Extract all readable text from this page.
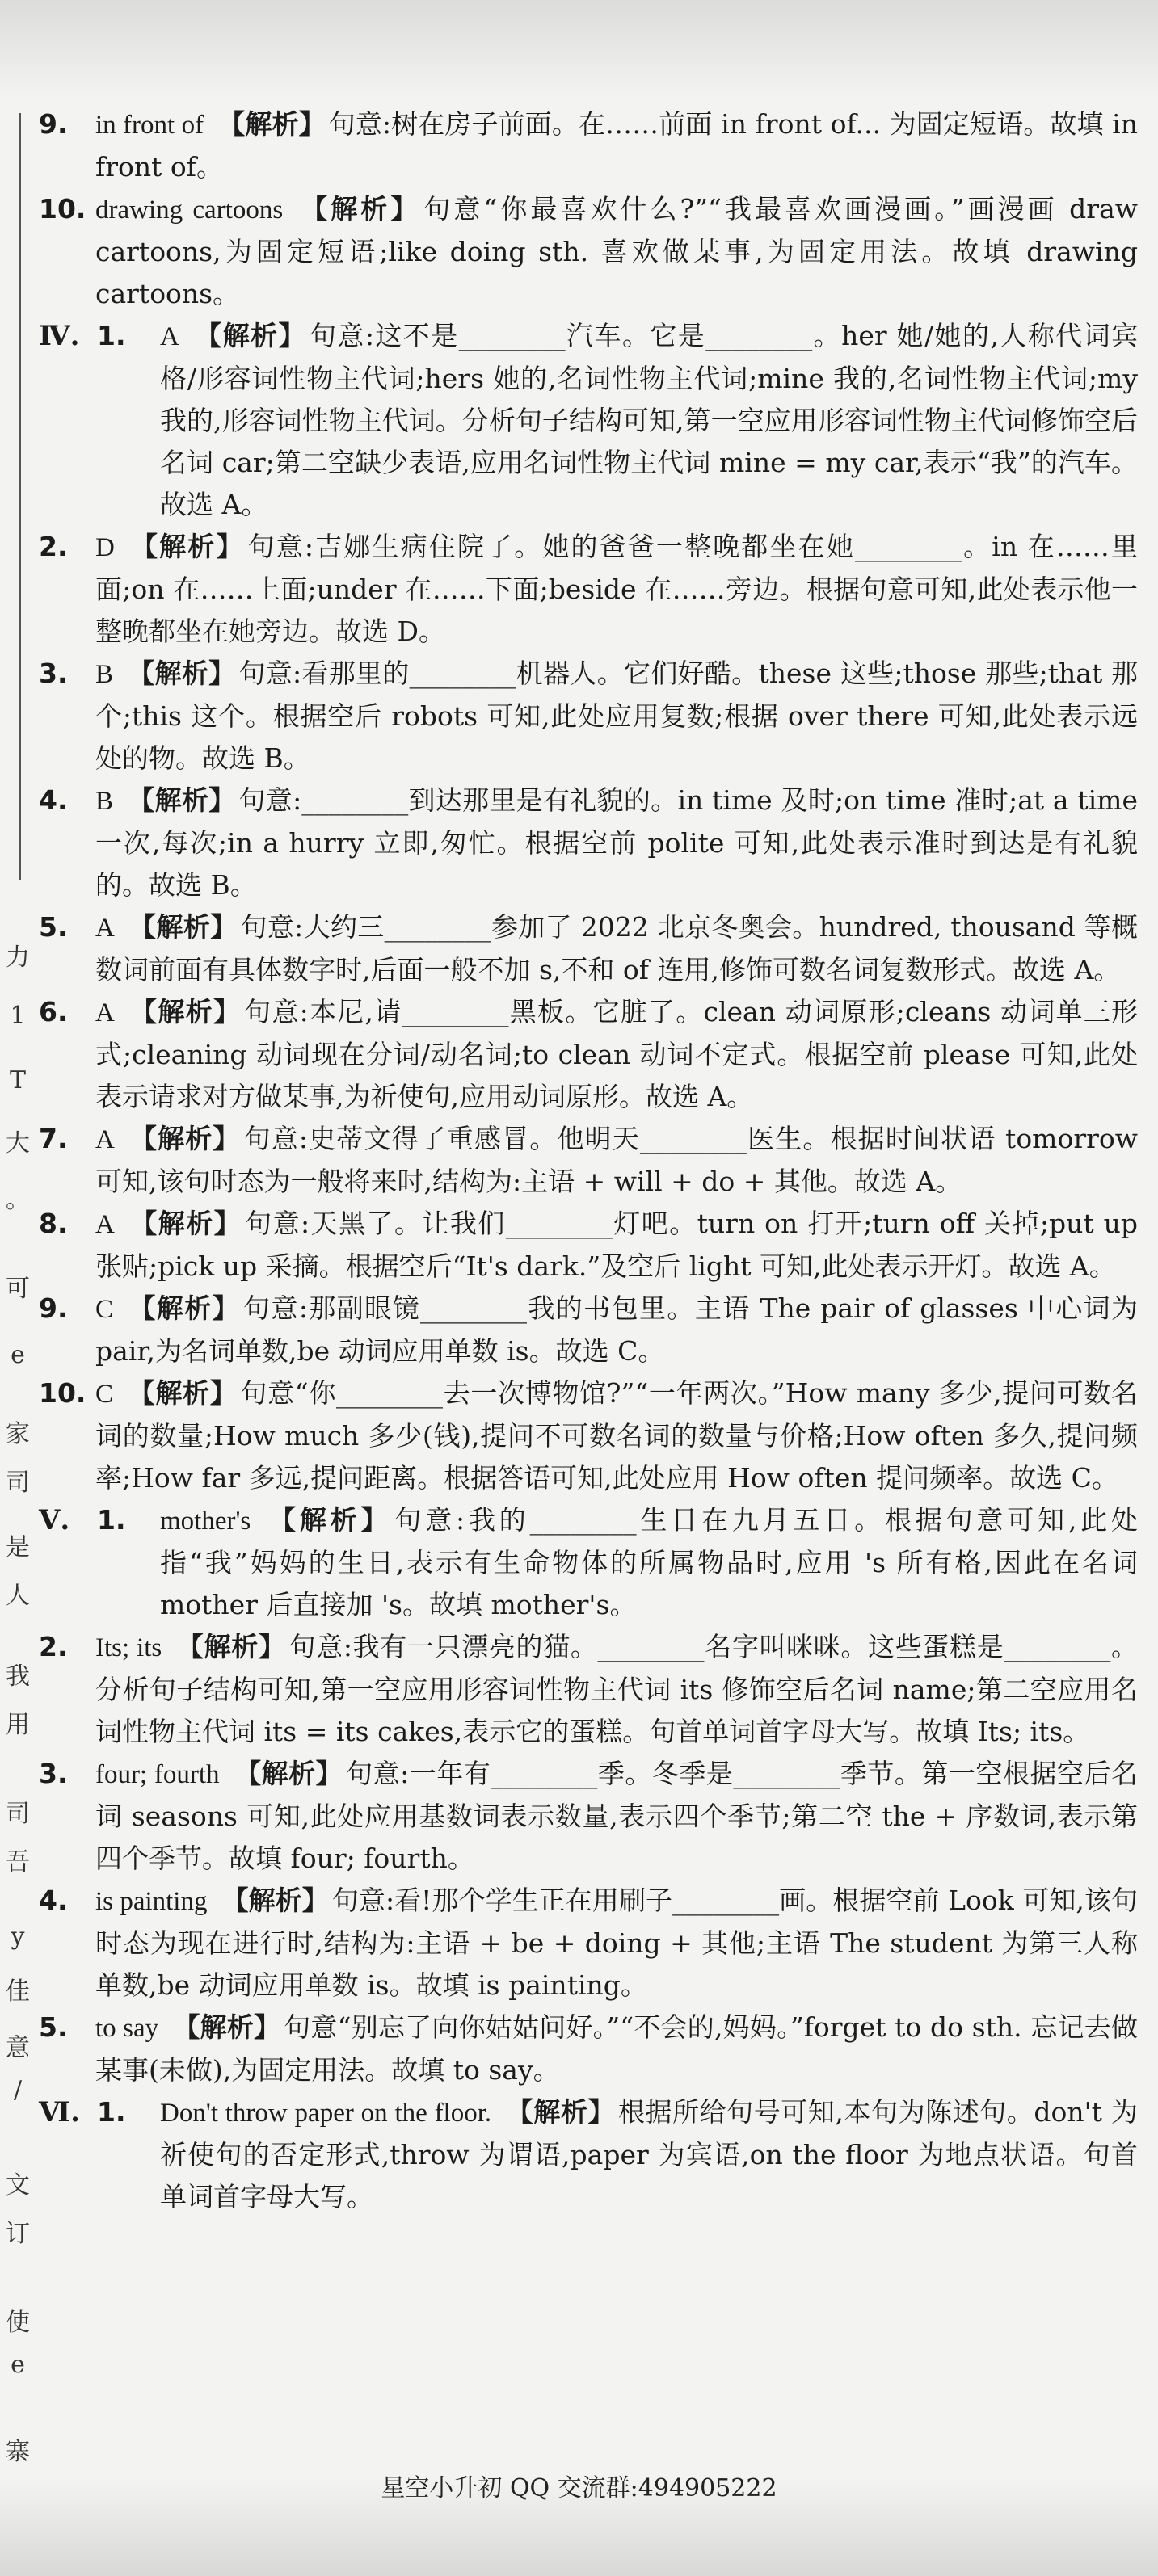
力
1
T
大
。
可
e
家
司
是
人
我
用
司
吾
y
佳
意
/
文
订
使
e
寨
9. in front of 【解析】 句意:树在房子前面。在……前面 in front of... 为固定短语。故填 in front of。
10. drawing cartoons 【解析】 句意“你最喜欢什么?”“我最喜欢画漫画。”画漫画 draw cartoons,为固定短语;like doing sth. 喜欢做某事,为固定用法。故填 drawing cartoons。
Ⅳ. 1. A 【解析】 句意:这不是________汽车。它是________。her 她/她的,人称代词宾格/形容词性物主代词;hers 她的,名词性物主代词;mine 我的,名词性物主代词;my 我的,形容词性物主代词。分析句子结构可知,第一空应用形容词性物主代词修饰空后名词 car;第二空缺少表语,应用名词性物主代词 mine = my car,表示“我”的汽车。故选 A。
2. D 【解析】 句意:吉娜生病住院了。她的爸爸一整晚都坐在她________。in 在……里面;on 在……上面;under 在……下面;beside 在……旁边。根据句意可知,此处表示他一整晚都坐在她旁边。故选 D。
3. B 【解析】 句意:看那里的________机器人。它们好酷。these 这些;those 那些;that 那个;this 这个。根据空后 robots 可知,此处应用复数;根据 over there 可知,此处表示远处的物。故选 B。
4. B 【解析】 句意:________到达那里是有礼貌的。in time 及时;on time 准时;at a time 一次,每次;in a hurry 立即,匆忙。根据空前 polite 可知,此处表示准时到达是有礼貌的。故选 B。
5. A 【解析】 句意:大约三________参加了 2022 北京冬奥会。hundred, thousand 等概数词前面有具体数字时,后面一般不加 s,不和 of 连用,修饰可数名词复数形式。故选 A。
6. A 【解析】 句意:本尼,请________黑板。它脏了。clean 动词原形;cleans 动词单三形式;cleaning 动词现在分词/动名词;to clean 动词不定式。根据空前 please 可知,此处表示请求对方做某事,为祈使句,应用动词原形。故选 A。
7. A 【解析】 句意:史蒂文得了重感冒。他明天________医生。根据时间状语 tomorrow 可知,该句时态为一般将来时,结构为:主语 + will + do + 其他。故选 A。
8. A 【解析】 句意:天黑了。让我们________灯吧。turn on 打开;turn off 关掉;put up 张贴;pick up 采摘。根据空后“It's dark.”及空后 light 可知,此处表示开灯。故选 A。
9. C 【解析】 句意:那副眼镜________我的书包里。主语 The pair of glasses 中心词为 pair,为名词单数,be 动词应用单数 is。故选 C。
10. C 【解析】 句意“你________去一次博物馆?”“一年两次。”How many 多少,提问可数名词的数量;How much 多少(钱),提问不可数名词的数量与价格;How often 多久,提问频率;How far 多远,提问距离。根据答语可知,此处应用 How often 提问频率。故选 C。
Ⅴ. 1. mother's 【解析】 句意:我的________生日在九月五日。根据句意可知,此处指“我”妈妈的生日,表示有生命物体的所属物品时,应用 's 所有格,因此在名词 mother 后直接加 's。故填 mother's。
2. Its; its 【解析】 句意:我有一只漂亮的猫。________名字叫咪咪。这些蛋糕是________。分析句子结构可知,第一空应用形容词性物主代词 its 修饰空后名词 name;第二空应用名词性物主代词 its = its cakes,表示它的蛋糕。句首单词首字母大写。故填 Its; its。
3. four; fourth 【解析】 句意:一年有________季。冬季是________季节。第一空根据空后名词 seasons 可知,此处应用基数词表示数量,表示四个季节;第二空 the + 序数词,表示第四个季节。故填 four; fourth。
4. is painting 【解析】 句意:看!那个学生正在用刷子________画。根据空前 Look 可知,该句时态为现在进行时,结构为:主语 + be + doing + 其他;主语 The student 为第三人称单数,be 动词应用单数 is。故填 is painting。
5. to say 【解析】 句意“别忘了向你姑姑问好。”“不会的,妈妈。”forget to do sth. 忘记去做某事(未做),为固定用法。故填 to say。
Ⅵ. 1. Don't throw paper on the floor. 【解析】 根据所给句号可知,本句为陈述句。don't 为祈使句的否定形式,throw 为谓语,paper 为宾语,on the floor 为地点状语。句首单词首字母大写。
星空小升初 QQ 交流群:494905222
